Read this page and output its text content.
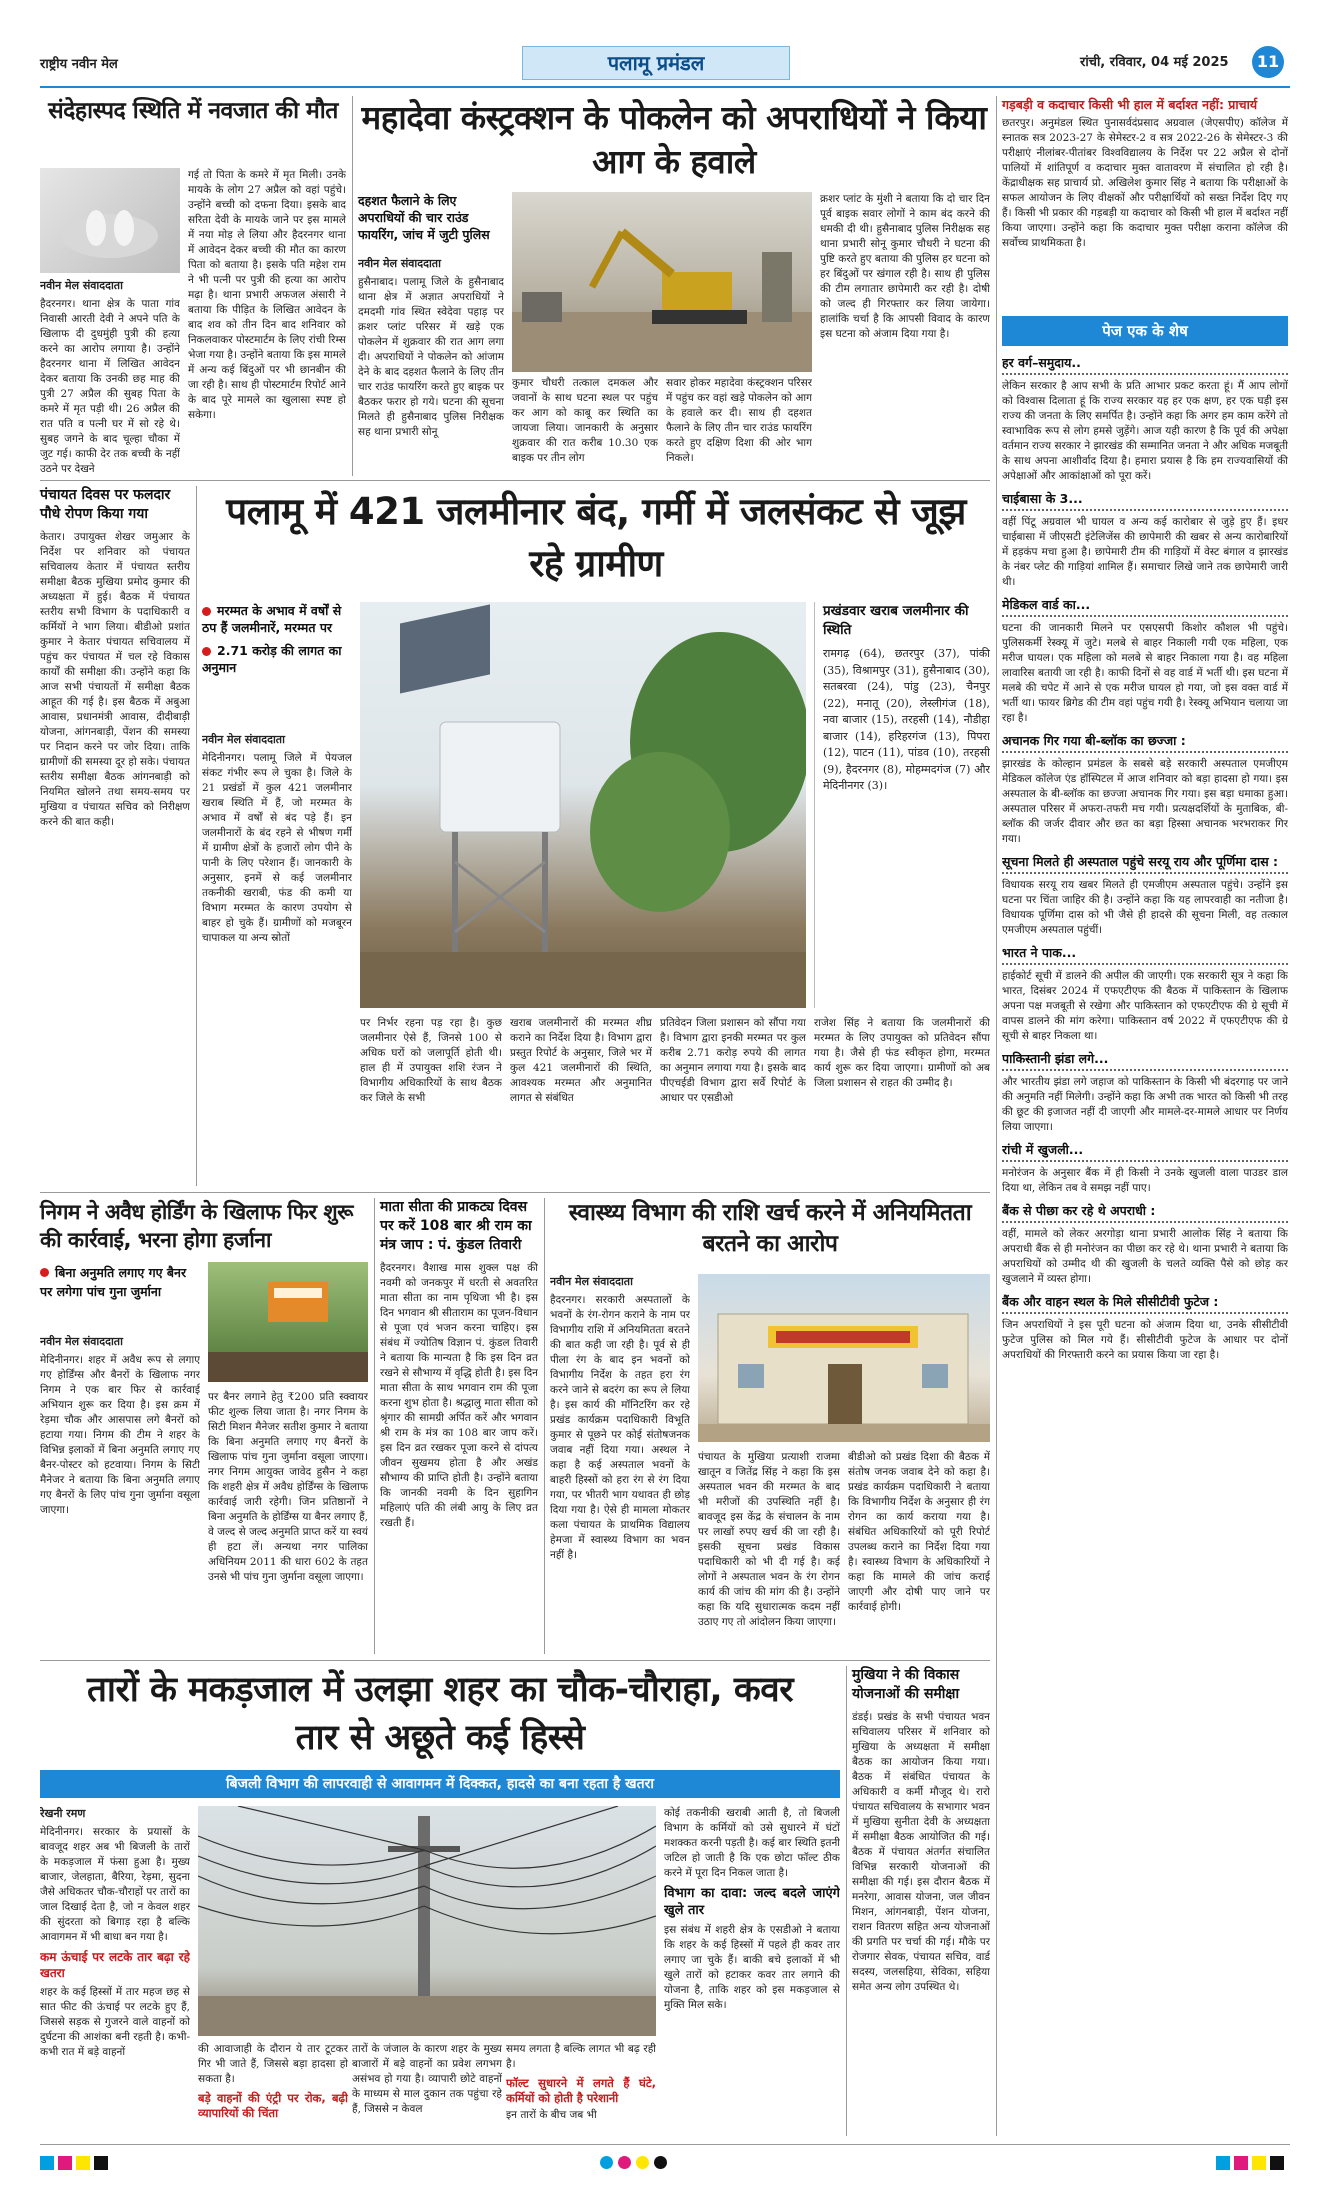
राष्ट्रीय नवीन मेल	पलामू प्रमंडल	रांची, रविवार, 04 मई 2025	11
संदेहास्पद स्थिति में नवजात की मौत

गई तो पिता के कमरे में मृत मिली। उनके मायके के लोग 27 अप्रैल को वहां पहुंचे। उन्होंने बच्ची को दफना दिया। इसके बाद सरिता देवी के मायके जाने पर इस मामले में नया मोड़ ले लिया और हैदरनगर थाना में आवेदन देकर बच्ची की मौत का कारण पिता को बताया है। इसके पति महेश राम ने भी पत्नी पर पुत्री की हत्या का आरोप मढ़ा है। थाना प्रभारी अफजल अंसारी ने बताया कि पीड़ित के लिखित आवेदन के बाद शव को तीन दिन बाद शनिवार को निकलवाकर पोस्टमार्टम के लिए रांची रिम्स भेजा गया है। उन्होंने बताया कि इस मामले में अन्य कई बिंदुओं पर भी छानबीन की जा रही है। साथ ही पोस्टमार्टम रिपोर्ट आने के बाद पूरे मामले का खुलासा स्पष्ट हो सकेगा।

नवीन मेल संवाददाता

हैदरनगर। थाना क्षेत्र के पाता गांव निवासी आरती देवी ने अपने पति के खिलाफ दी दुधमुंही पुत्री की हत्या करने का आरोप लगाया है। उन्होंने हैदरनगर थाना में लिखित आवेदन देकर बताया कि उनकी छह माह की पुत्री 27 अप्रैल की सुबह पिता के कमरे में मृत पड़ी थी। 26 अप्रैल की रात पति व पत्नी घर में सो रहे थे। सुबह जगने के बाद चूल्हा चौका में जुट गई। काफी देर तक बच्ची के नहीं उठने पर देखने

महादेवा कंस्ट्रक्शन के पोकलेन को अपराधियों ने किया आग के हवाले
दहशत फैलाने के लिए अपराधियों की चार राउंड फायरिंग, जांच में जुटी पुलिस
नवीन मेल संवाददाता

हुसैनाबाद। पलामू जिले के हुसैनाबाद थाना क्षेत्र में अज्ञात अपराधियों ने दमदमी गांव स्थित स्वेदेवा पहाड़ पर क्रशर प्लांट परिसर में खड़े एक पोकलेन में शुक्रवार की रात आग लगा दी। अपराधियों ने पोकलेन को आंजाम देने के बाद दहशत फैलाने के लिए तीन चार राउंड फायरिंग करते हुए बाइक पर बैठकर फरार हो गये। घटना की सूचना मिलते ही हुसैनाबाद पुलिस निरीक्षक सह थाना प्रभारी सोनू

कुमार चौधरी तत्काल दमकल और जवानों के साथ घटना स्थल पर पहुंच कर आग को काबू कर स्थिति का जायजा लिया। जानकारी के अनुसार शुक्रवार की रात करीब 10.30 एक बाइक पर तीन लोग

सवार होकर महादेवा कंस्ट्रक्शन परिसर में पहुंच कर वहां खड़े पोकलेन को आग के हवाले कर दी। साथ ही दहशत फैलाने के लिए तीन चार राउंड फायरिंग करते हुए दक्षिण दिशा की ओर भाग निकले।

क्रशर प्लांट के मुंशी ने बताया कि दो चार दिन पूर्व बाइक सवार लोगों ने काम बंद करने की धमकी दी थी। हुसैनाबाद पुलिस निरीक्षक सह थाना प्रभारी सोनू कुमार चौधरी ने घटना की पुष्टि करते हुए बताया की पुलिस हर घटना को हर बिंदुओं पर खंगाल रही है। साथ ही पुलिस की टीम लगातार छापेमारी कर रही है। दोषी को जल्द ही गिरफ्तार कर लिया जायेगा। हालांकि चर्चा है कि आपसी विवाद के कारण इस घटना को अंजाम दिया गया है।

गड़बड़ी व कदाचार किसी भी हाल में बर्दाश्त नहीं: प्राचार्य
छतरपुर। अनुमंडल स्थित पुनासर्वदंप्रसाद अग्रवाल (जेएसपीए) कॉलेज में स्नातक सत्र 2023-27 के सेमेस्टर-2 व सत्र 2022-26 के सेमेस्टर-3 की परीक्षाएं नीलांबर-पीतांबर विश्वविद्यालय के निर्देश पर 22 अप्रैल से दोनों पालियों में शांतिपूर्ण व कदाचार मुक्त वातावरण में संचालित हो रही है। केंद्राधीक्षक सह प्राचार्य प्रो. अखिलेश कुमार सिंह ने बताया कि परीक्षाओं के सफल आयोजन के लिए वीक्षकों और परीक्षार्थियों को सख्त निर्देश दिए गए हैं। किसी भी प्रकार की गड़बड़ी या कदाचार को किसी भी हाल में बर्दाश्त नहीं किया जाएगा। उन्होंने कहा कि कदाचार मुक्त परीक्षा कराना कॉलेज की सर्वोच्च प्राथमिकता है।
पेज एक के शेष
हर वर्ग–समुदाय..
लेकिन सरकार है आप सभी के प्रति आभार प्रकट करता हूं। मैं आप लोगों को विश्वास दिलाता हूं कि राज्य सरकार यह हर एक क्षण, हर एक घड़ी इस राज्य की जनता के लिए समर्पित है। उन्होंने कहा कि अगर हम काम करेंगे तो स्वाभाविक रूप से लोग हमसे जुड़ेंगे। आज यही कारण है कि पूर्व की अपेक्षा वर्तमान राज्य सरकार ने झारखंड की सम्मानित जनता ने और अधिक मजबूती के साथ अपना आशीर्वाद दिया है। हमारा प्रयास है कि हम राज्यवासियों की अपेक्षाओं और आकांक्षाओं को पूरा करें।
चाईबासा के 3...
वहीं पिंटू अग्रवाल भी घायल व अन्य कई कारोबार से जुड़े हुए हैं। इधर चाईबासा में जीएसटी इंटेलिजेंस की छापेमारी की खबर से अन्य कारोबारियों में हड़कंप मचा हुआ है। छापेमारी टीम की गाड़ियों में वेस्ट बंगाल व झारखंड के नंबर प्लेट की गाड़ियां शामिल हैं। समाचार लिखे जाने तक छापेमारी जारी थी।
मेडिकल वार्ड का...
घटना की जानकारी मिलने पर एसएसपी किशोर कौशल भी पहुंचे। पुलिसकर्मी रेस्क्यू में जुटे। मलबे से बाहर निकाली गयी एक महिला, एक मरीज घायल। एक महिला को मलबे से बाहर निकाला गया है। वह महिला लावारिस बतायी जा रही है। काफी दिनों से वह वार्ड में भर्ती थी। इस घटना में मलबे की चपेट में आने से एक मरीज घायल हो गया, जो इस वक्त वार्ड में भर्ती था। फायर ब्रिगेड की टीम वहां पहुंच गयी है। रेस्क्यू अभियान चलाया जा रहा है।
अचानक गिर गया बी-ब्लॉक का छज्जा :
झारखंड के कोल्हान प्रमंडल के सबसे बड़े सरकारी अस्पताल एमजीएम मेडिकल कॉलेज एंड हॉस्पिटल में आज शनिवार को बड़ा हादसा हो गया। इस अस्पताल के बी-ब्लॉक का छज्जा अचानक गिर गया। इस बड़ा धमाका हुआ। अस्पताल परिसर में अफरा-तफरी मच गयी। प्रत्यक्षदर्शियों के मुताबिक, बी-ब्लॉक की जर्जर दीवार और छत का बड़ा हिस्सा अचानक भरभराकर गिर गया।
सूचना मिलते ही अस्पताल पहुंचे सरयू राय और पूर्णिमा दास :
विधायक सरयू राय खबर मिलते ही एमजीएम अस्पताल पहुंचे। उन्होंने इस घटना पर चिंता जाहिर की है। उन्होंने कहा कि यह लापरवाही का नतीजा है। विधायक पूर्णिमा दास को भी जैसे ही हादसे की सूचना मिली, वह तत्काल एमजीएम अस्पताल पहुंचीं।
भारत ने पाक...
हाईकोर्ट सूची में डालने की अपील की जाएगी। एक सरकारी सूत्र ने कहा कि भारत, दिसंबर 2024 में एफएटीएफ की बैठक में पाकिस्तान के खिलाफ अपना पक्ष मजबूती से रखेगा और पाकिस्तान को एफएटीएफ की ग्रे सूची में वापस डालने की मांग करेगा। पाकिस्तान वर्ष 2022 में एफएटीएफ की ग्रे सूची से बाहर निकला था।
पाकिस्तानी झंडा लगे...
और भारतीय झंडा लगे जहाज को पाकिस्तान के किसी भी बंदरगाह पर जाने की अनुमति नहीं मिलेगी। उन्होंने कहा कि अभी तक भारत को किसी भी तरह की छूट की इजाजत नहीं दी जाएगी और मामले-दर-मामले आधार पर निर्णय लिया जाएगा।
रांची में खुजली...
मनोरंजन के अनुसार बैंक में ही किसी ने उनके खुजली वाला पाउडर डाल दिया था, लेकिन तब वे समझ नहीं पाए।
बैंक से पीछा कर रहे थे अपराधी :
वहीं, मामले को लेकर अरगोड़ा थाना प्रभारी आलोक सिंह ने बताया कि अपराधी बैंक से ही मनोरंजन का पीछा कर रहे थे। थाना प्रभारी ने बताया कि अपराधियों को उम्मीद थी की खुजली के चलते व्यक्ति पैसे को छोड़ कर खुजलाने में व्यस्त होगा।
बैंक और वाहन स्थल के मिले सीसीटीवी फुटेज :
जिन अपराधियों ने इस पूरी घटना को अंजाम दिया था, उनके सीसीटीवी फुटेज पुलिस को मिल गये हैं। सीसीटीवी फुटेज के आधार पर दोनों अपराधियों की गिरफ्तारी करने का प्रयास किया जा रहा है।
पंचायत दिवस पर फलदार पौधे रोपण किया गया
केतार। उपायुक्त शेखर जमुआर के निर्देश पर शनिवार को पंचायत सचिवालय केतार में पंचायत स्तरीय समीक्षा बैठक मुखिया प्रमोद कुमार की अध्यक्षता में हुई। बैठक में पंचायत स्तरीय सभी विभाग के पदाधिकारी व कर्मियों ने भाग लिया। बीडीओ प्रशांत कुमार ने केतार पंचायत सचिवालय में पहुंच कर पंचायत में चल रहे विकास कार्यों की समीक्षा की। उन्होंने कहा कि आज सभी पंचायतों में समीक्षा बैठक आहूत की गई है। इस बैठक में अबुआ आवास, प्रधानमंत्री आवास, दीदीबाड़ी योजना, आंगनबाड़ी, पेंशन की समस्या पर निदान करने पर जोर दिया। ताकि ग्रामीणों की समस्या दूर हो सके। पंचायत स्तरीय समीक्षा बैठक आंगनबाड़ी को नियमित खोलने तथा समय-समय पर मुखिया व पंचायत सचिव को निरीक्षण करने की बात कही।
पलामू में 421 जलमीनार बंद, गर्मी में जलसंकट से जूझ रहे ग्रामीण
मरम्मत के अभाव में वर्षों से ठप हैं जलमीनारें, मरम्मत पर
2.71 करोड़ की लागत का अनुमान
नवीन मेल संवाददाता

मेदिनीनगर। पलामू जिले में पेयजल संकट गंभीर रूप ले चुका है। जिले के 21 प्रखंडों में कुल 421 जलमीनार खराब स्थिति में हैं, जो मरम्मत के अभाव में वर्षों से बंद पड़े हैं। इन जलमीनारों के बंद रहने से भीषण गर्मी में ग्रामीण क्षेत्रों के हजारों लोग पीने के पानी के लिए परेशान हैं। जानकारी के अनुसार, इनमें से कई जलमीनार तकनीकी खराबी, फंड की कमी या विभाग मरम्मत के कारण उपयोग से बाहर हो चुके हैं। ग्रामीणों को मजबूरन चापाकल या अन्य स्रोतों

प्रखंडवार खराब जलमीनार की स्थिति
रामगढ़ (64), छतरपुर (37), पांकी (35), विश्रामपुर (31), हुसैनाबाद (30), सतबरवा (24), पांडु (23), चैनपुर (22), मनातू (20), लेस्लीगंज (18), नवा बाजार (15), तरहसी (14), नौडीहा बाजार (14), हरिहरगंज (13), पिपरा (12), पाटन (11), पांडव (10), तरहसी (9), हैदरनगर (8), मोहम्मदगंज (7) और मेदिनीनगर (3)।

पर निर्भर रहना पड़ रहा है। कुछ जलमीनार ऐसे हैं, जिनसे 100 से अधिक घरों को जलापूर्ति होती थी। हाल ही में उपायुक्त शशि रंजन ने विभागीय अधिकारियों के साथ बैठक कर जिले के सभी

खराब जलमीनारों की मरम्मत शीघ्र कराने का निर्देश दिया है। विभाग द्वारा प्रस्तुत रिपोर्ट के अनुसार, जिले भर में कुल 421 जलमीनारों की स्थिति, आवश्यक मरम्मत और अनुमानित लागत से संबंधित

प्रतिवेदन जिला प्रशासन को सौंपा गया है। विभाग द्वारा इनकी मरम्मत पर कुल करीब 2.71 करोड़ रुपये की लागत का अनुमान लगाया गया है। इसके बाद पीएचईडी विभाग द्वारा सर्वे रिपोर्ट के आधार पर एसडीओ

राजेश सिंह ने बताया कि जलमीनारों की मरम्मत के लिए उपायुक्त को प्रतिवेदन सौंपा गया है। जैसे ही फंड स्वीकृत होगा, मरम्मत कार्य शुरू कर दिया जाएगा। ग्रामीणों को अब जिला प्रशासन से राहत की उम्मीद है।

निगम ने अवैध होर्डिंग के खिलाफ फिर शुरू की कार्रवाई, भरना होगा हर्जाना
बिना अनुमति लगाए गए बैनर पर लगेगा पांच गुना जुर्माना
नवीन मेल संवाददाता

मेदिनीनगर। शहर में अवैध रूप से लगाए गए होर्डिंग्स और बैनरों के खिलाफ नगर निगम ने एक बार फिर से कार्रवाई अभियान शुरू कर दिया है। इस क्रम में रेड़मा चौक और आसपास लगे बैनरों को हटाया गया। निगम की टीम ने शहर के विभिन्न इलाकों में बिना अनुमति लगाए गए बैनर-पोस्टर को हटवाया। निगम के सिटी मैनेजर ने बताया कि बिना अनुमति लगाए गए बैनरों के लिए पांच गुना जुर्माना वसूला जाएगा।

पर बैनर लगाने हेतु ₹200 प्रति स्क्वायर फीट शुल्क लिया जाता है। नगर निगम के सिटी मिशन मैनेजर सतीश कुमार ने बताया कि बिना अनुमति लगाए गए बैनरों के खिलाफ पांच गुना जुर्माना वसूला जाएगा। नगर निगम आयुक्त जावेद हुसैन ने कहा कि शहरी क्षेत्र में अवैध होर्डिंग्स के खिलाफ कार्रवाई जारी रहेगी। जिन प्रतिष्ठानों ने बिना अनुमति के होर्डिंग्स या बैनर लगाए हैं, वे जल्द से जल्द अनुमति प्राप्त करें या स्वयं ही हटा लें। अन्यथा नगर पालिका अधिनियम 2011 की धारा 602 के तहत उनसे भी पांच गुना जुर्माना वसूला जाएगा।

माता सीता की प्राकट्य दिवस पर करें 108 बार श्री राम का मंत्र जाप : पं. कुंडल तिवारी
हैदरनगर। वैशाख मास शुक्ल पक्ष की नवमी को जनकपुर में धरती से अवतरित माता सीता का नाम पृथिजा भी है। इस दिन भगवान श्री सीताराम का पूजन-विधान से पूजा एवं भजन करना चाहिए। इस संबंध में ज्योतिष विज्ञान पं. कुंडल तिवारी ने बताया कि मान्यता है कि इस दिन व्रत रखने से सौभाग्य में वृद्धि होती है। इस दिन माता सीता के साथ भगवान राम की पूजा करना शुभ होता है। श्रद्धालु माता सीता को श्रृंगार की सामग्री अर्पित करें और भगवान श्री राम के मंत्र का 108 बार जाप करें। इस दिन व्रत रखकर पूजा करने से दांपत्य जीवन सुखमय होता है और अखंड सौभाग्य की प्राप्ति होती है। उन्होंने बताया कि जानकी नवमी के दिन सुहागिन महिलाएं पति की लंबी आयु के लिए व्रत रखती हैं।
स्वास्थ्य विभाग की राशि खर्च करने में अनियमितता बरतने का आरोप
नवीन मेल संवाददाता

हैदरनगर। सरकारी अस्पतालों के भवनों के रंग-रोगन कराने के नाम पर विभागीय राशि में अनियमितता बरतने की बात कही जा रही है। पूर्व से ही पीला रंग के बाद इन भवनों को विभागीय निर्देश के तहत हरा रंग करने जाने से बदरंग का रूप ले लिया है। इस कार्य की मॉनिटरिंग कर रहे प्रखंड कार्यक्रम पदाधिकारी विभूति कुमार से पूछने पर कोई संतोषजनक जवाब नहीं दिया गया। अस्थल ने कहा है कई अस्पताल भवनों के बाहरी हिस्सों को हरा रंग से रंग दिया गया, पर भीतरी भाग यथावत ही छोड़ दिया गया है। ऐसे ही मामला मोकतर कला पंचायत के प्राथमिक विद्यालय हेमजा में स्वास्थ्य विभाग का भवन नहीं है।

पंचायत के मुखिया प्रत्याशी राजमा खातून व जितेंद्र सिंह ने कहा कि इस अस्पताल भवन की मरम्मत के बाद भी मरीजों की उपस्थिति नहीं है। बावजूद इस केंद्र के संचालन के नाम पर लाखों रुपए खर्च की जा रही है। इसकी सूचना प्रखंड विकास पदाधिकारी को भी दी गई है। कई लोगों ने अस्पताल भवन के रंग रोगन कार्य की जांच की मांग की है। उन्होंने कहा कि यदि सुधारात्मक कदम नहीं उठाए गए तो आंदोलन किया जाएगा।

बीडीओ को प्रखंड दिशा की बैठक में संतोष जनक जवाब देने को कहा है। प्रखंड कार्यक्रम पदाधिकारी ने बताया कि विभागीय निर्देश के अनुसार ही रंग रोगन का कार्य कराया गया है। संबंधित अधिकारियों को पूरी रिपोर्ट उपलब्ध कराने का निर्देश दिया गया है। स्वास्थ्य विभाग के अधिकारियों ने कहा कि मामले की जांच कराई जाएगी और दोषी पाए जाने पर कार्रवाई होगी।

तारों के मकड़जाल में उलझा शहर का चौक-चौराहा, कवर तार से अछूते कई हिस्से
बिजली विभाग की लापरवाही से आवागमन में दिक्कत, हादसे का बना रहता है खतरा
रेखनी रमण

मेदिनीनगर। सरकार के प्रयासों के बावजूद शहर अब भी बिजली के तारों के मकड़जाल में फंसा हुआ है। मुख्य बाजार, जेलहाता, बैरिया, रेड़मा, सुदना जैसे अधिकतर चौक-चौराहों पर तारों का जाल दिखाई देता है, जो न केवल शहर की सुंदरता को बिगाड़ रहा है बल्कि आवागमन में भी बाधा बन गया है।

कम ऊंचाई पर लटके तार बढ़ा रहे खतरा

शहर के कई हिस्सों में तार महज छह से सात फीट की ऊंचाई पर लटके हुए हैं, जिससे सड़क से गुजरने वाले वाहनों को दुर्घटना की आशंका बनी रहती है। कभी-कभी रात में बड़े वाहनों	की आवाजाही के दौरान ये तार टूटकर गिर भी जाते हैं, जिससे बड़ा हादसा हो सकता है।

बड़े वाहनों की एंट्री पर रोक, बढ़ी व्यापारियों की चिंता

तारों के जंजाल के कारण शहर के मुख्य बाजारों में बड़े वाहनों का प्रवेश लगभग असंभव हो गया है। व्यापारी छोटे वाहनों के माध्यम से माल दुकान तक पहुंचा रहे हैं, जिससे न केवल

समय लगता है बल्कि लागत भी बढ़ रही है।

फॉल्ट सुधारने में लगते हैं घंटे, कर्मियों को होती है परेशानी

इन तारों के बीच जब भी

कोई तकनीकी खराबी आती है, तो बिजली विभाग के कर्मियों को उसे सुधारने में घंटों मशक्कत करनी पड़ती है। कई बार स्थिति इतनी जटिल हो जाती है कि एक छोटा फॉल्ट ठीक करने में पूरा दिन निकल जाता है।

विभाग का दावा: जल्द बदले जाएंगे खुले तार

इस संबंध में शहरी क्षेत्र के एसडीओ ने बताया कि शहर के कई हिस्सों में पहले ही कवर तार लगाए जा चुके हैं। बाकी बचे इलाकों में भी खुले तारों को हटाकर कवर तार लगाने की योजना है, ताकि शहर को इस मकड़जाल से मुक्ति मिल सके।

मुखिया ने की विकास योजनाओं की समीक्षा
डंडई। प्रखंड के सभी पंचायत भवन सचिवालय परिसर में शनिवार को मुखिया के अध्यक्षता में समीक्षा बैठक का आयोजन किया गया। बैठक में संबंधित पंचायत के अधिकारी व कर्मी मौजूद थे। रारो पंचायत सचिवालय के सभागार भवन में मुखिया सुनीता देवी के अध्यक्षता में समीक्षा बैठक आयोजित की गई। बैठक में पंचायत अंतर्गत संचालित विभिन्न सरकारी योजनाओं की समीक्षा की गई। इस दौरान बैठक में मनरेगा, आवास योजना, जल जीवन मिशन, आंगनबाड़ी, पेंशन योजना, राशन वितरण सहित अन्य योजनाओं की प्रगति पर चर्चा की गई। मौके पर रोजगार सेवक, पंचायत सचिव, वार्ड सदस्य, जलसहिया, सेविका, सहिया समेत अन्य लोग उपस्थित थे।
